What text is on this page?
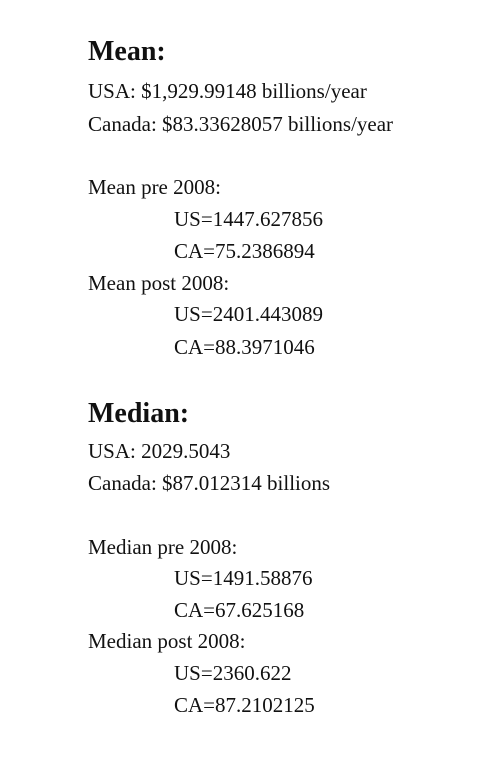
Mean:
USA: $1,929.99148 billions/year
Canada: $83.33628057 billions/year
Mean pre 2008:
US=1447.627856
CA=75.2386894
Mean post 2008:
US=2401.443089
CA=88.3971046
Median:
USA: 2029.5043
Canada: $87.012314 billions
Median pre 2008:
US=1491.58876
CA=67.625168
Median post 2008:
US=2360.622
CA=87.2102125
